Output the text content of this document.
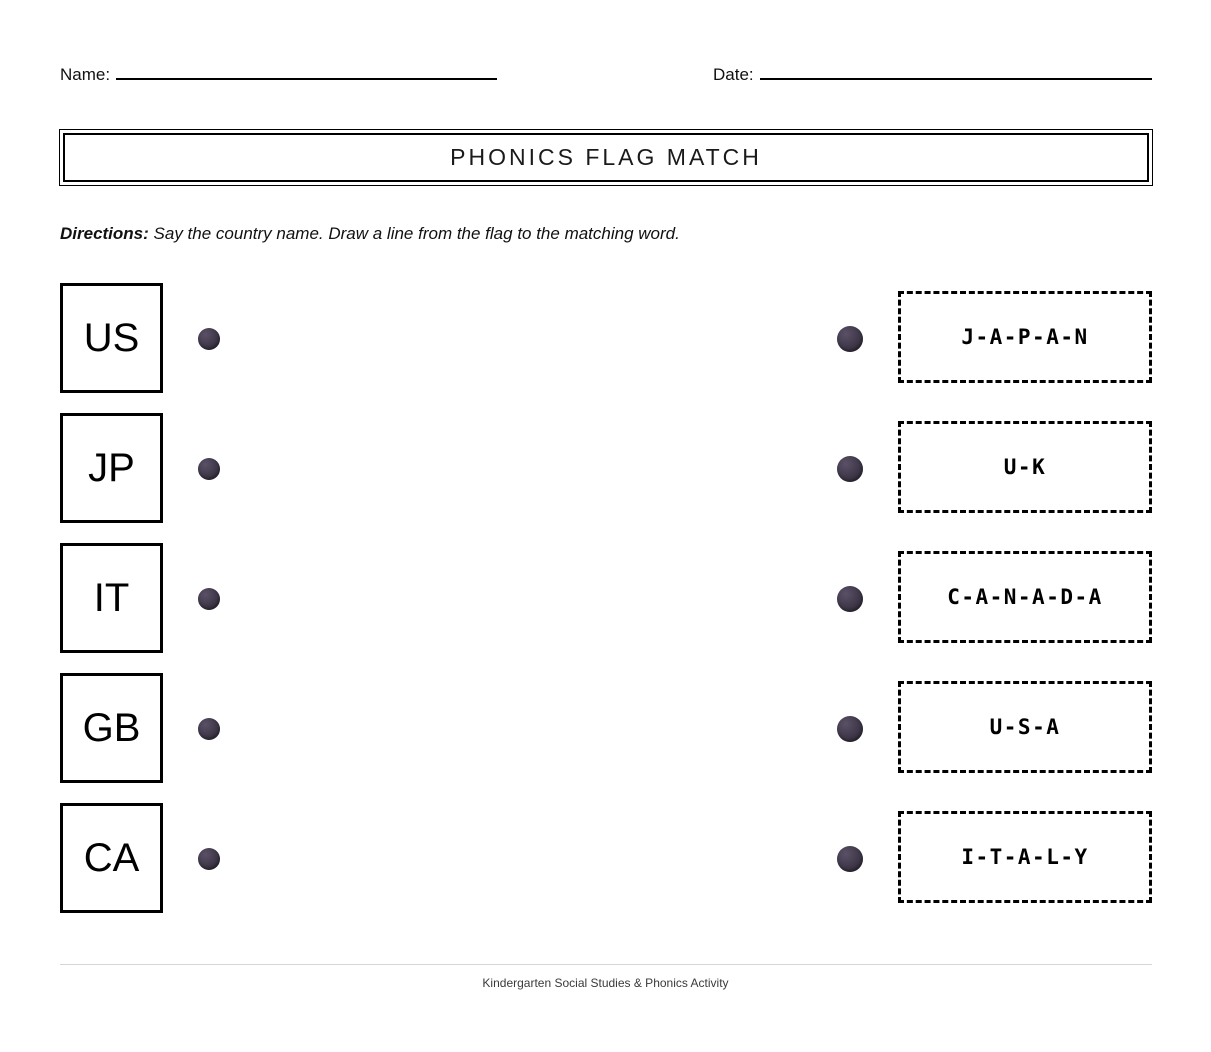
Name:	Date:
PHONICS FLAG MATCH
Directions: Say the country name. Draw a line from the flag to the matching word.
US	J-A-P-A-N
JP	U-K
IT	C-A-N-A-D-A
GB	U-S-A
CA	I-T-A-L-Y
Kindergarten Social Studies & Phonics Activity
